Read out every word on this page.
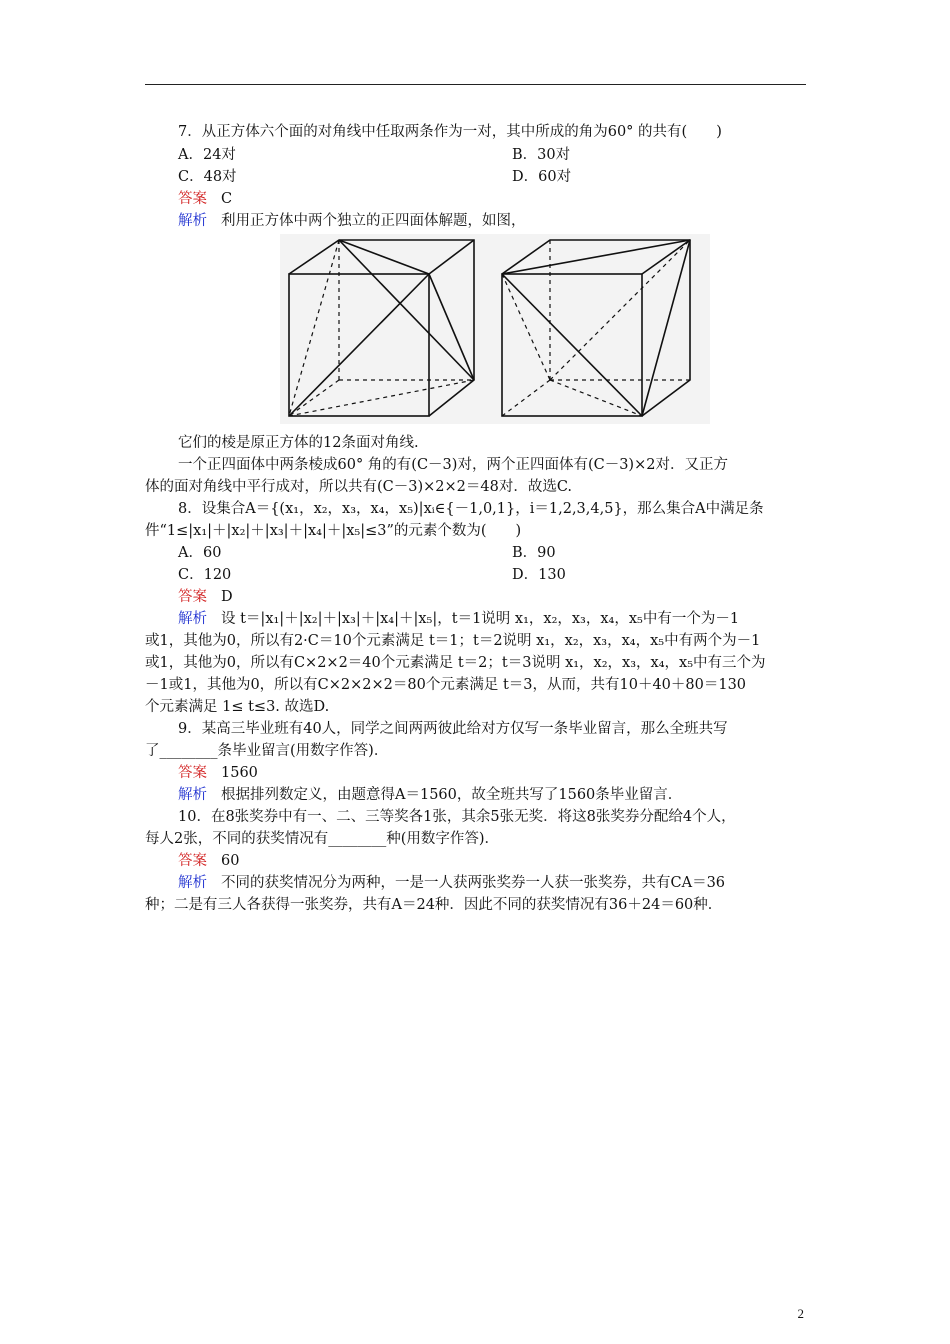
7．从正方体六个面的对角线中任取两条作为一对，其中所成的角为60° 的共有(　　)
A．24对	B．30对
C．48对	D．60对
答案 C
解析 利用正方体中两个独立的正四面体解题，如图，
它们的棱是原正方体的12条面对角线.
一个正四面体中两条棱成60° 角的有(C－3)对，两个正四面体有(C－3)×2对．又正方
体的面对角线中平行成对，所以共有(C－3)×2×2＝48对．故选C.
8．设集合A＝{(x₁，x₂，x₃，x₄，x₅)|xᵢ∈{－1,0,1}，i＝1,2,3,4,5}，那么集合A中满足条
件“1≤|x₁|＋|x₂|＋|x₃|＋|x₄|＋|x₅|≤3”的元素个数为(　　)
A．60	B．90
C．120	D．130
答案 D
解析 设 t＝|x₁|＋|x₂|＋|x₃|＋|x₄|＋|x₅|，t＝1说明 x₁，x₂，x₃，x₄，x₅中有一个为－1
或1，其他为0，所以有2·C＝10个元素满足 t＝1；t＝2说明 x₁，x₂，x₃，x₄，x₅中有两个为－1
或1，其他为0，所以有C×2×2＝40个元素满足 t＝2；t＝3说明 x₁，x₂，x₃，x₄，x₅中有三个为
－1或1，其他为0，所以有C×2×2×2＝80个元素满足 t＝3，从而，共有10＋40＋80＝130
个元素满足 1≤ t≤3. 故选D.
9．某高三毕业班有40人，同学之间两两彼此给对方仅写一条毕业留言，那么全班共写
了________条毕业留言(用数字作答)．
答案 1560
解析 根据排列数定义，由题意得A＝1560，故全班共写了1560条毕业留言．
10．在8张奖券中有一、二、三等奖各1张，其余5张无奖．将这8张奖券分配给4个人，
每人2张，不同的获奖情况有________种(用数字作答)．
答案 60
解析 不同的获奖情况分为两种，一是一人获两张奖券一人获一张奖券，共有CA＝36
种；二是有三人各获得一张奖券，共有A＝24种．因此不同的获奖情况有36＋24＝60种．
2
